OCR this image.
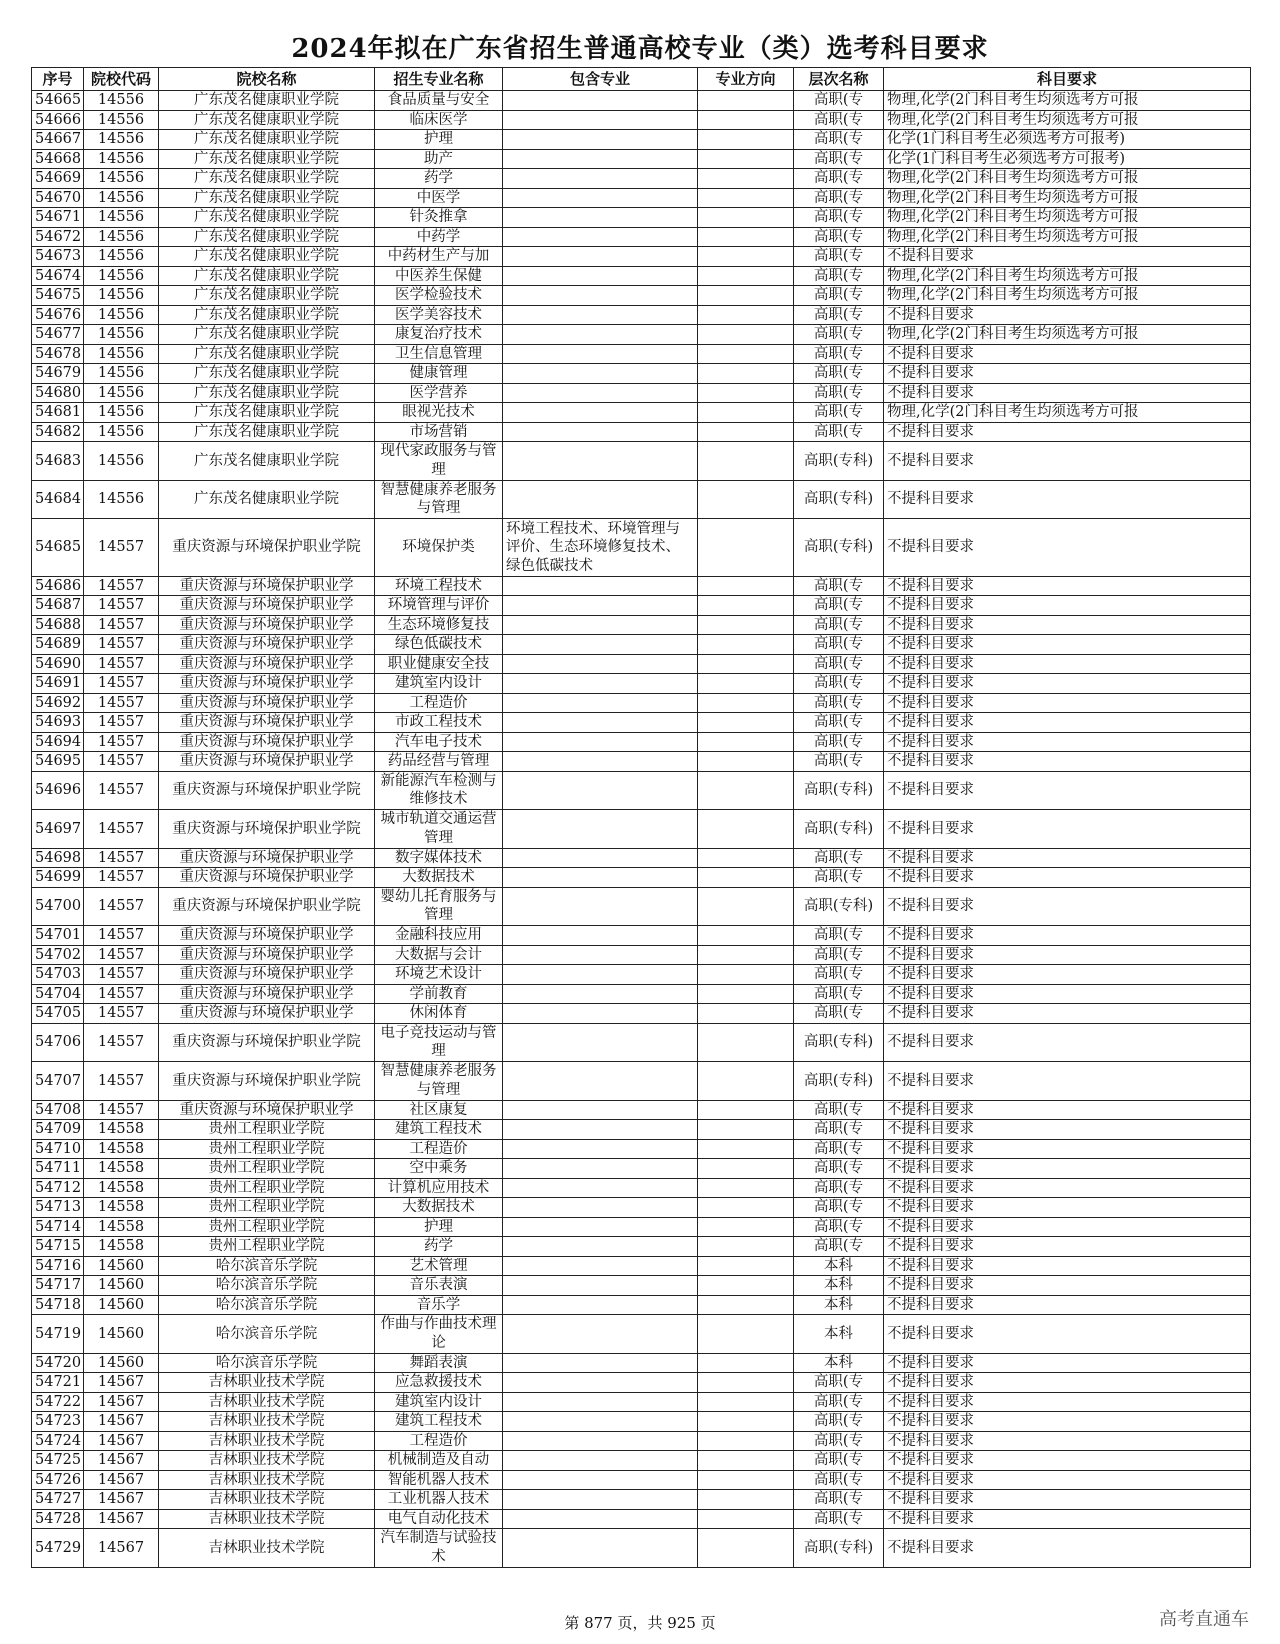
2024年拟在广东省招生普通高校专业（类）选考科目要求
序号	院校代码	院校名称	招生专业名称	包含专业	专业方向	层次名称	科目要求
54665	14556	广东茂名健康职业学院	食品质量与安全			高职(专	物理,化学(2门科目考生均须选考方可报
54666	14556	广东茂名健康职业学院	临床医学			高职(专	物理,化学(2门科目考生均须选考方可报
54667	14556	广东茂名健康职业学院	护理			高职(专	化学(1门科目考生必须选考方可报考)
54668	14556	广东茂名健康职业学院	助产			高职(专	化学(1门科目考生必须选考方可报考)
54669	14556	广东茂名健康职业学院	药学			高职(专	物理,化学(2门科目考生均须选考方可报
54670	14556	广东茂名健康职业学院	中医学			高职(专	物理,化学(2门科目考生均须选考方可报
54671	14556	广东茂名健康职业学院	针灸推拿			高职(专	物理,化学(2门科目考生均须选考方可报
54672	14556	广东茂名健康职业学院	中药学			高职(专	物理,化学(2门科目考生均须选考方可报
54673	14556	广东茂名健康职业学院	中药材生产与加			高职(专	不提科目要求
54674	14556	广东茂名健康职业学院	中医养生保健			高职(专	物理,化学(2门科目考生均须选考方可报
54675	14556	广东茂名健康职业学院	医学检验技术			高职(专	物理,化学(2门科目考生均须选考方可报
54676	14556	广东茂名健康职业学院	医学美容技术			高职(专	不提科目要求
54677	14556	广东茂名健康职业学院	康复治疗技术			高职(专	物理,化学(2门科目考生均须选考方可报
54678	14556	广东茂名健康职业学院	卫生信息管理			高职(专	不提科目要求
54679	14556	广东茂名健康职业学院	健康管理			高职(专	不提科目要求
54680	14556	广东茂名健康职业学院	医学营养			高职(专	不提科目要求
54681	14556	广东茂名健康职业学院	眼视光技术			高职(专	物理,化学(2门科目考生均须选考方可报
54682	14556	广东茂名健康职业学院	市场营销			高职(专	不提科目要求
54683	14556	广东茂名健康职业学院	现代家政服务与管理			高职(专科)	不提科目要求
54684	14556	广东茂名健康职业学院	智慧健康养老服务与管理			高职(专科)	不提科目要求
54685	14557	重庆资源与环境保护职业学院	环境保护类	环境工程技术、环境管理与评价、生态环境修复技术、绿色低碳技术		高职(专科)	不提科目要求
54686	14557	重庆资源与环境保护职业学	环境工程技术			高职(专	不提科目要求
54687	14557	重庆资源与环境保护职业学	环境管理与评价			高职(专	不提科目要求
54688	14557	重庆资源与环境保护职业学	生态环境修复技			高职(专	不提科目要求
54689	14557	重庆资源与环境保护职业学	绿色低碳技术			高职(专	不提科目要求
54690	14557	重庆资源与环境保护职业学	职业健康安全技			高职(专	不提科目要求
54691	14557	重庆资源与环境保护职业学	建筑室内设计			高职(专	不提科目要求
54692	14557	重庆资源与环境保护职业学	工程造价			高职(专	不提科目要求
54693	14557	重庆资源与环境保护职业学	市政工程技术			高职(专	不提科目要求
54694	14557	重庆资源与环境保护职业学	汽车电子技术			高职(专	不提科目要求
54695	14557	重庆资源与环境保护职业学	药品经营与管理			高职(专	不提科目要求
54696	14557	重庆资源与环境保护职业学院	新能源汽车检测与维修技术			高职(专科)	不提科目要求
54697	14557	重庆资源与环境保护职业学院	城市轨道交通运营管理			高职(专科)	不提科目要求
54698	14557	重庆资源与环境保护职业学	数字媒体技术			高职(专	不提科目要求
54699	14557	重庆资源与环境保护职业学	大数据技术			高职(专	不提科目要求
54700	14557	重庆资源与环境保护职业学院	婴幼儿托育服务与管理			高职(专科)	不提科目要求
54701	14557	重庆资源与环境保护职业学	金融科技应用			高职(专	不提科目要求
54702	14557	重庆资源与环境保护职业学	大数据与会计			高职(专	不提科目要求
54703	14557	重庆资源与环境保护职业学	环境艺术设计			高职(专	不提科目要求
54704	14557	重庆资源与环境保护职业学	学前教育			高职(专	不提科目要求
54705	14557	重庆资源与环境保护职业学	休闲体育			高职(专	不提科目要求
54706	14557	重庆资源与环境保护职业学院	电子竞技运动与管理			高职(专科)	不提科目要求
54707	14557	重庆资源与环境保护职业学院	智慧健康养老服务与管理			高职(专科)	不提科目要求
54708	14557	重庆资源与环境保护职业学	社区康复			高职(专	不提科目要求
54709	14558	贵州工程职业学院	建筑工程技术			高职(专	不提科目要求
54710	14558	贵州工程职业学院	工程造价			高职(专	不提科目要求
54711	14558	贵州工程职业学院	空中乘务			高职(专	不提科目要求
54712	14558	贵州工程职业学院	计算机应用技术			高职(专	不提科目要求
54713	14558	贵州工程职业学院	大数据技术			高职(专	不提科目要求
54714	14558	贵州工程职业学院	护理			高职(专	不提科目要求
54715	14558	贵州工程职业学院	药学			高职(专	不提科目要求
54716	14560	哈尔滨音乐学院	艺术管理			本科	不提科目要求
54717	14560	哈尔滨音乐学院	音乐表演			本科	不提科目要求
54718	14560	哈尔滨音乐学院	音乐学			本科	不提科目要求
54719	14560	哈尔滨音乐学院	作曲与作曲技术理论			本科	不提科目要求
54720	14560	哈尔滨音乐学院	舞蹈表演			本科	不提科目要求
54721	14567	吉林职业技术学院	应急救援技术			高职(专	不提科目要求
54722	14567	吉林职业技术学院	建筑室内设计			高职(专	不提科目要求
54723	14567	吉林职业技术学院	建筑工程技术			高职(专	不提科目要求
54724	14567	吉林职业技术学院	工程造价			高职(专	不提科目要求
54725	14567	吉林职业技术学院	机械制造及自动			高职(专	不提科目要求
54726	14567	吉林职业技术学院	智能机器人技术			高职(专	不提科目要求
54727	14567	吉林职业技术学院	工业机器人技术			高职(专	不提科目要求
54728	14567	吉林职业技术学院	电气自动化技术			高职(专	不提科目要求
54729	14567	吉林职业技术学院	汽车制造与试验技术			高职(专科)	不提科目要求
第 877 页，共 925 页	高考直通车
